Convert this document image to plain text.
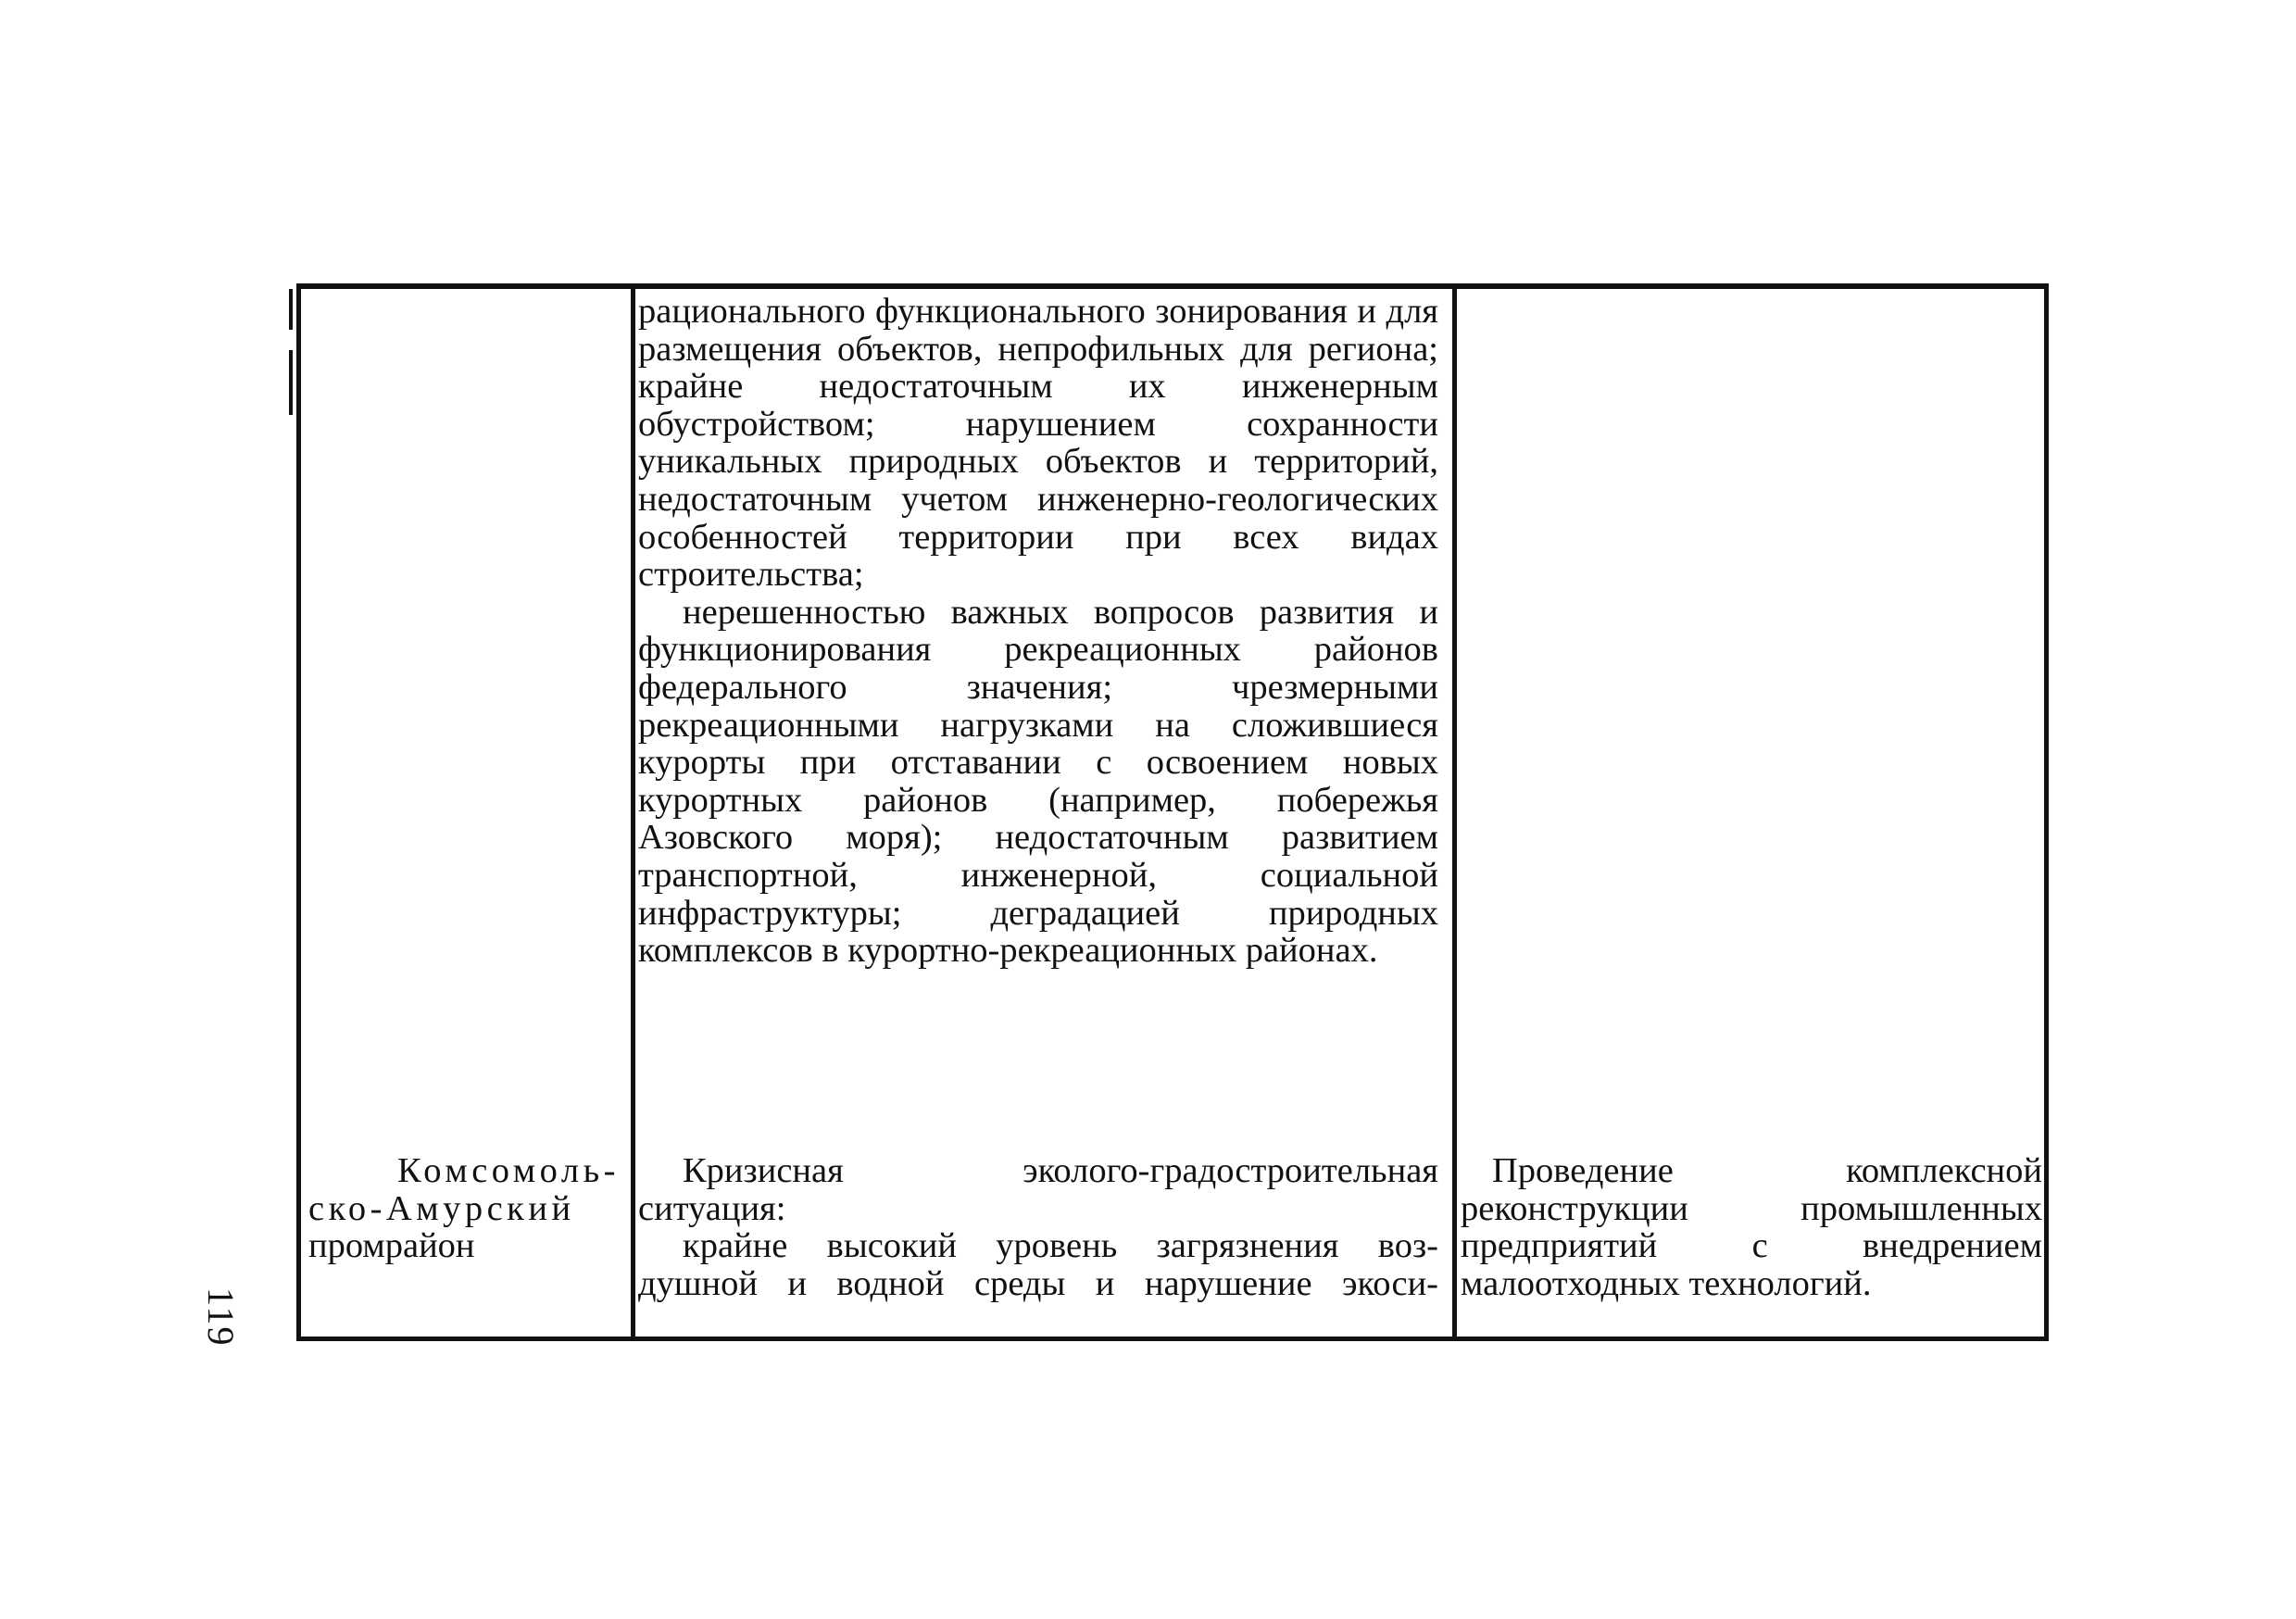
рационального функционального зонирования и для размещения объектов, непрофильных для региона; крайне недостаточным их инженерным обустройством; нарушением сохранности уникальных природных объектов и территорий, недостаточным учетом инженерно-геологических особенностей территории при всех видах строительства;

нерешенностью важных вопросов развития и функционирования рекреационных районов федерального значения; чрезмерными рекреационными нагрузками на сложившиеся курорты при отставании с освоением новых курортных районов (например, побережья Азовского моря); недостаточным развитием транспортной, инженерной, социальной инфраструктуры; деградацией природных комплексов в курортно-рекреационных районах.

Комсомоль-
ско-Амурский
промрайон

Кризисная эколого-градостроительная

ситуация:

крайне высокий уровень загрязнения воз-

душной и водной среды и нарушение экоси-

Проведение комплексной реконструкции промышленных предприятий с внедрением малоотходных технологий.

119
